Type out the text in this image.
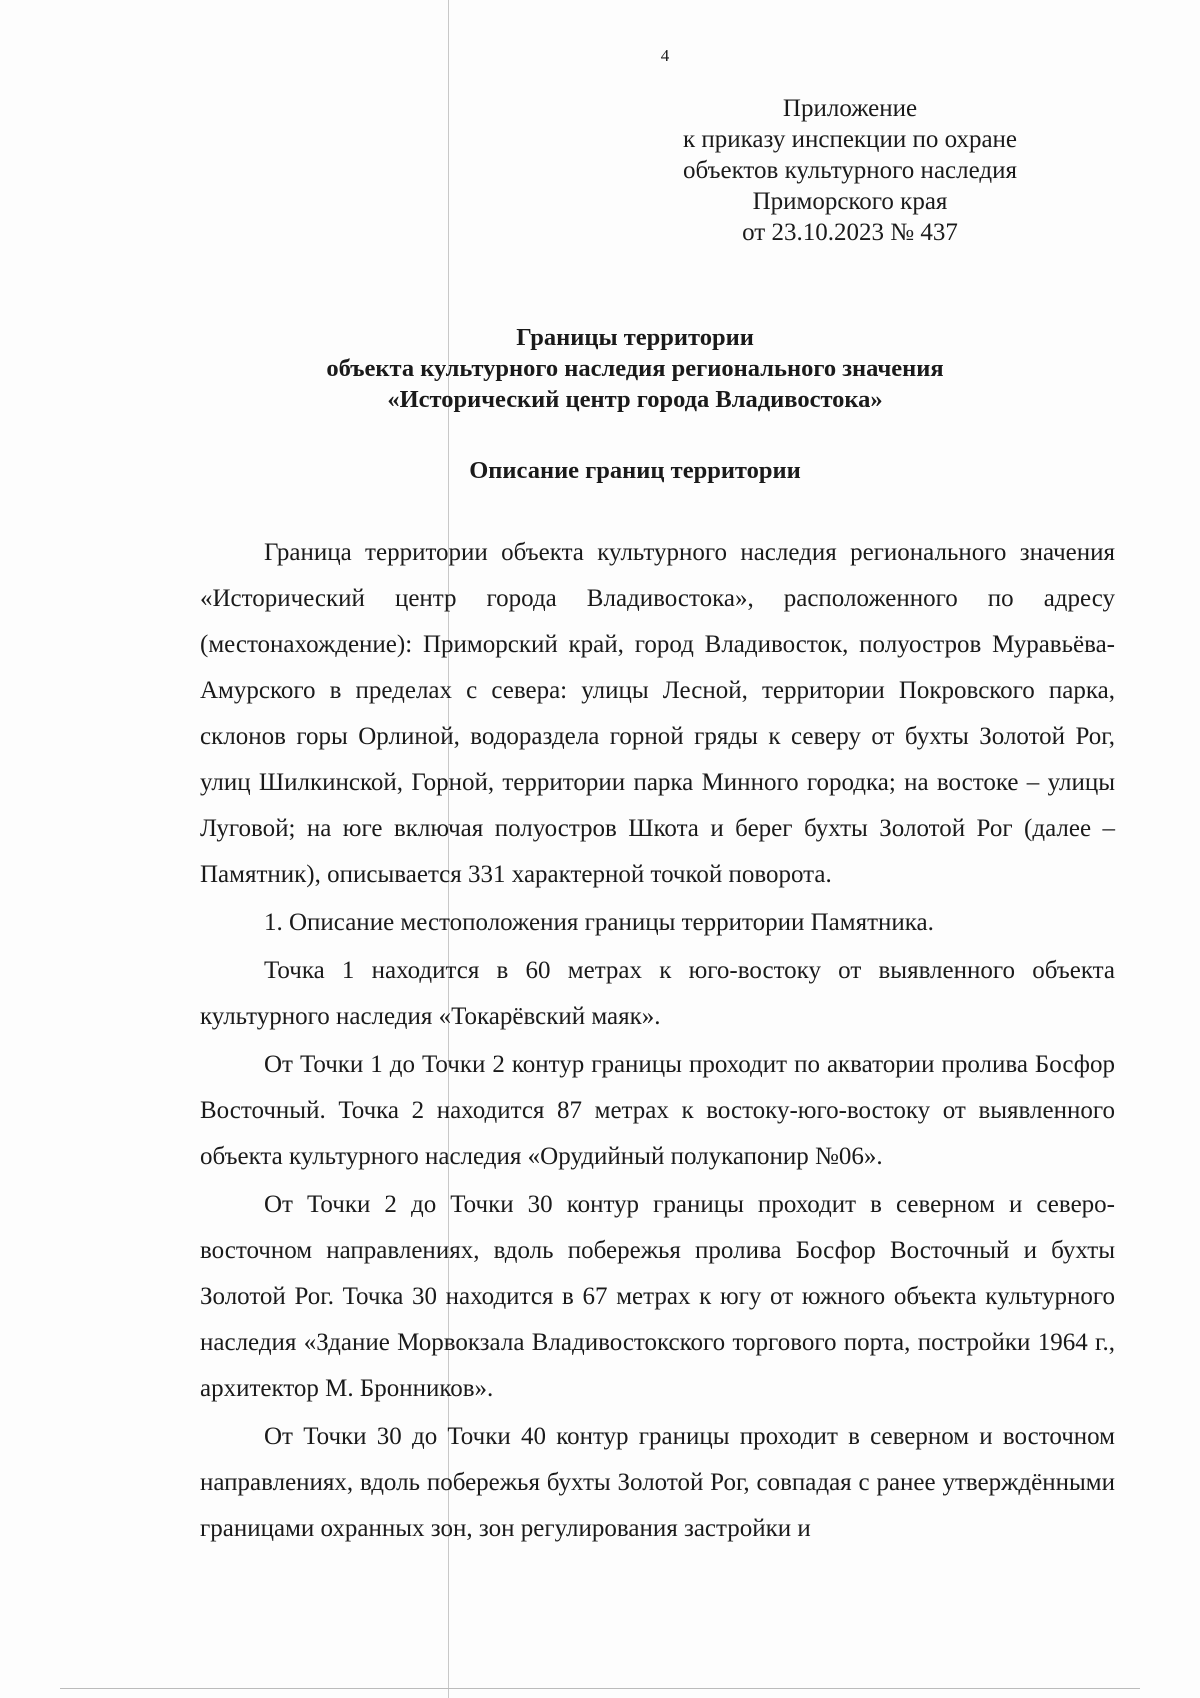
4
Приложение
к приказу инспекции по охране
объектов культурного наследия
Приморского края
от 23.10.2023 № 437
Границы территории
объекта культурного наследия регионального значения
«Исторический центр города Владивостока»
Описание границ территории

Граница территории объекта культурного наследия регионального значения «Исторический центр города Владивостока», расположенного по адресу (местонахождение): Приморский край, город Владивосток, полуостров Муравьёва-Амурского в пределах с севера: улицы Лесной, территории Покровского парка, склонов горы Орлиной, водораздела горной гряды к северу от бухты Золотой Рог, улиц Шилкинской, Горной, территории парка Минного городка; на востоке – улицы Луговой; на юге включая полуостров Шкота и берег бухты Золотой Рог (далее – Памятник), описывается 331 характерной точкой поворота.

1. Описание местоположения границы территории Памятника.

Точка 1 находится в 60 метрах к юго-востоку от выявленного объекта культурного наследия «Токарёвский маяк».

От Точки 1 до Точки 2 контур границы проходит по акватории пролива Босфор Восточный. Точка 2 находится 87 метрах к востоку-юго-востоку от выявленного объекта культурного наследия «Орудийный полукапонир №06».

От Точки 2 до Точки 30 контур границы проходит в северном и северо-восточном направлениях, вдоль побережья пролива Босфор Восточный и бухты Золотой Рог. Точка 30 находится в 67 метрах к югу от южного объекта культурного наследия «Здание Морвокзала Владивостокского торгового порта, постройки 1964 г., архитектор М. Бронников».

От Точки 30 до Точки 40 контур границы проходит в северном и восточном направлениях, вдоль побережья бухты Золотой Рог, совпадая с ранее утверждёнными границами охранных зон, зон регулирования застройки и
